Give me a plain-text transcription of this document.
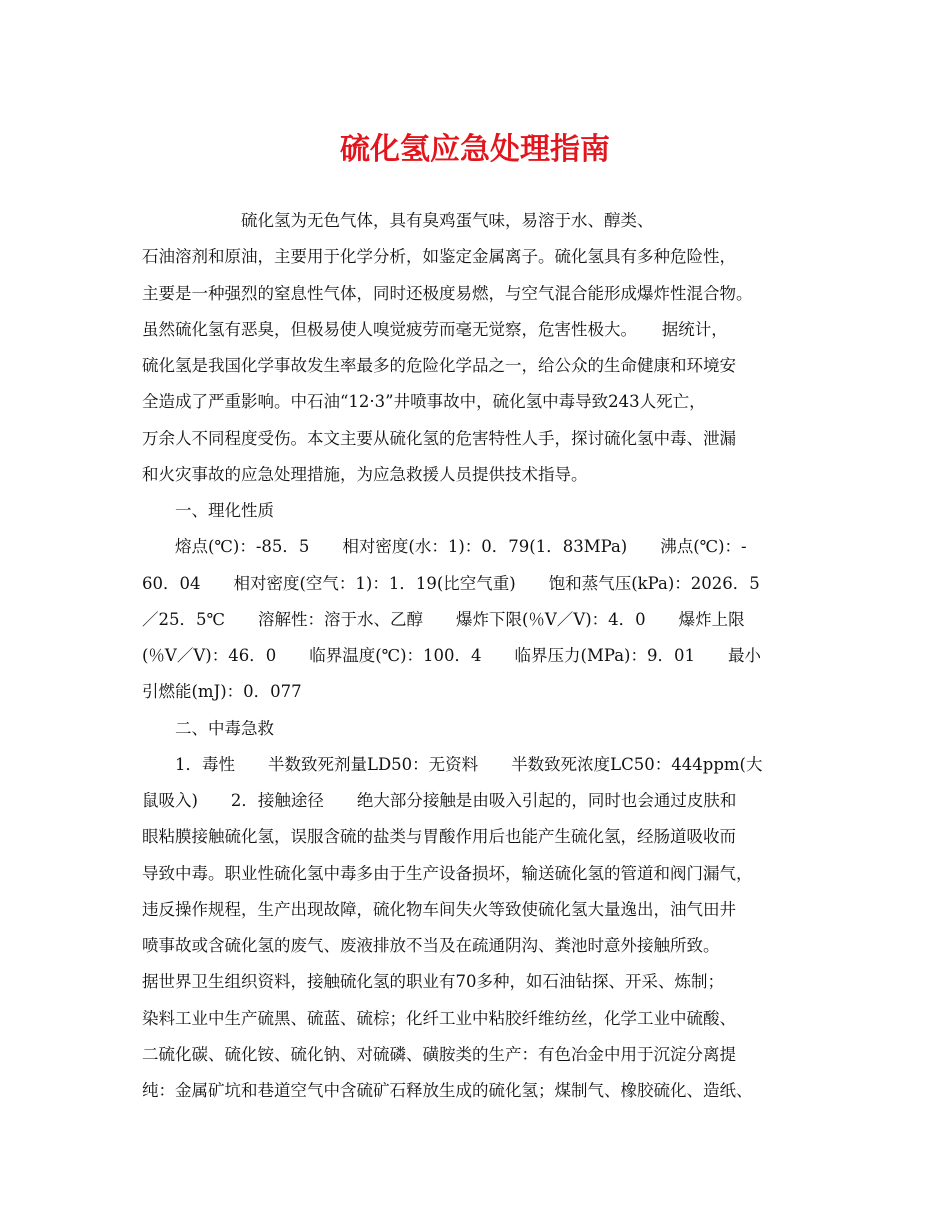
硫化氢应急处理指南
　　　　　　硫化氢为无色气体，具有臭鸡蛋气味，易溶于水、醇类、
石油溶剂和原油，主要用于化学分析，如鉴定金属离子。硫化氢具有多种危险性，
主要是一种强烈的窒息性气体，同时还极度易燃，与空气混合能形成爆炸性混合物。
虽然硫化氢有恶臭，但极易使人嗅觉疲劳而毫无觉察，危害性极大。　　据统计，
硫化氢是我国化学事故发生率最多的危险化学品之一，给公众的生命健康和环境安
全造成了严重影响。中石油“12·3”井喷事故中，硫化氢中毒导致243人死亡，
万余人不同程度受伤。本文主要从硫化氢的危害特性人手，探讨硫化氢中毒、泄漏
和火灾事故的应急处理措施，为应急救援人员提供技术指导。
　　一、理化性质
　　熔点(℃)：-85．5　　相对密度(水：1)：0．79(1．83MPa)　　沸点(℃)：-
60．04　　相对密度(空气：1)：1．19(比空气重)　　饱和蒸气压(kPa)：2026．5
／25．5℃　　溶解性：溶于水、乙醇　　爆炸下限(％V／V)：4．0　　爆炸上限
(％V／V)：46．0　　临界温度(℃)：100．4　　临界压力(MPa)：9．01　　最小
引燃能(mJ)：0．077
　　二、中毒急救
　　1．毒性　　半数致死剂量LD50：无资料　　半数致死浓度LC50：444ppm(大
鼠吸入)　　2．接触途径　　绝大部分接触是由吸入引起的，同时也会通过皮肤和
眼粘膜接触硫化氢，误服含硫的盐类与胃酸作用后也能产生硫化氢，经肠道吸收而
导致中毒。职业性硫化氢中毒多由于生产设备损坏，输送硫化氢的管道和阀门漏气，
违反操作规程，生产出现故障，硫化物车间失火等致使硫化氢大量逸出，油气田井
喷事故或含硫化氢的废气、废液排放不当及在疏通阴沟、粪池时意外接触所致。
据世界卫生组织资料，接触硫化氢的职业有70多种，如石油钻探、开采、炼制；
染料工业中生产硫黑、硫蓝、硫棕；化纤工业中粘胶纤维纺丝，化学工业中硫酸、
二硫化碳、硫化铵、硫化钠、对硫磷、磺胺类的生产：有色冶金中用于沉淀分离提
纯：金属矿坑和巷道空气中含硫矿石释放生成的硫化氢；煤制气、橡胶硫化、造纸、
